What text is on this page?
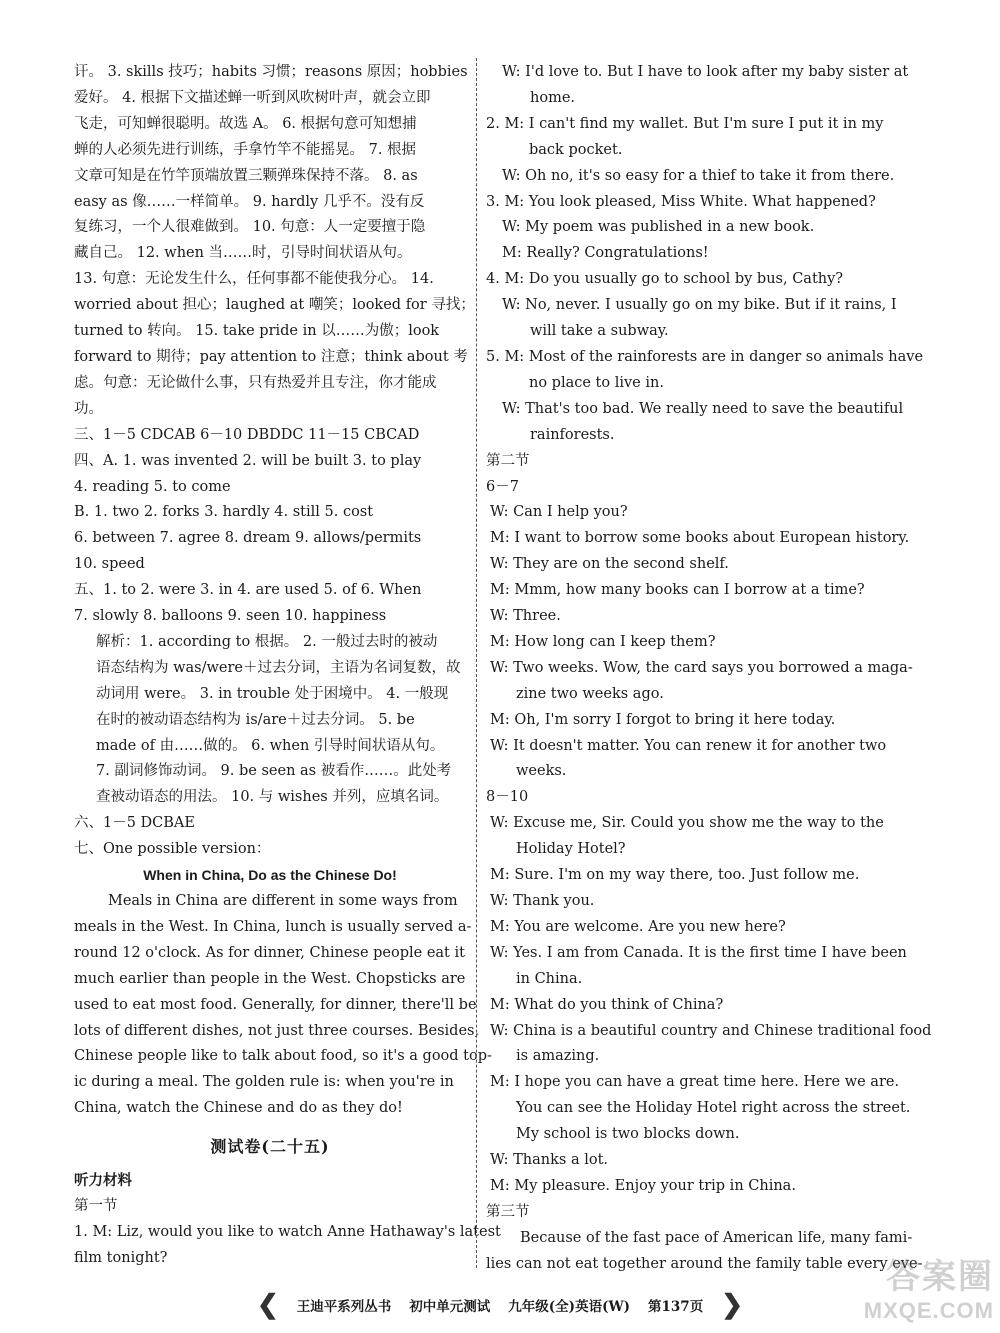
讦。 3. skills 技巧；habits 习惯；reasons 原因；hobbies
爱好。 4. 根据下文描述蝉一听到风吹树叶声，就会立即
飞走，可知蝉很聪明。故选 A。 6. 根据句意可知想捕
蝉的人必须先进行训练，手拿竹竿不能摇晃。 7. 根据
文章可知是在竹竿顶端放置三颗弹珠保持不落。 8. as
easy as 像……一样简单。 9. hardly 几乎不。没有反
复练习，一个人很难做到。 10. 句意：人一定要擅于隐
藏自己。 12. when 当……时，引导时间状语从句。
13. 句意：无论发生什么，任何事都不能使我分心。 14.
worried about 担心；laughed at 嘲笑；looked for 寻找；
turned to 转向。 15. take pride in 以……为傲；look
forward to 期待；pay attention to 注意；think about 考
虑。句意：无论做什么事，只有热爱并且专注，你才能成
功。
三、1－5 CDCAB 6－10 DBDDC 11－15 CBCAD
四、A. 1. was invented 2. will be built 3. to play
4. reading 5. to come
B. 1. two 2. forks 3. hardly 4. still 5. cost
6. between 7. agree 8. dream 9. allows/permits
10. speed
五、1. to 2. were 3. in 4. are used 5. of 6. When
7. slowly 8. balloons 9. seen 10. happiness
解析：1. according to 根据。 2. 一般过去时的被动
语态结构为 was/were＋过去分词，主语为名词复数，故
动词用 were。 3. in trouble 处于困境中。 4. 一般现
在时的被动语态结构为 is/are＋过去分词。 5. be
made of 由……做的。 6. when 引导时间状语从句。
7. 副词修饰动词。 9. be seen as 被看作……。此处考
查被动语态的用法。 10. 与 wishes 并列，应填名词。
六、1－5 DCBAE
七、One possible version：
When in China, Do as the Chinese Do!
Meals in China are different in some ways from
meals in the West. In China, lunch is usually served a-
round 12 o'clock. As for dinner, Chinese people eat it
much earlier than people in the West. Chopsticks are
used to eat most food. Generally, for dinner, there'll be
lots of different dishes, not just three courses. Besides,
Chinese people like to talk about food, so it's a good top-
ic during a meal. The golden rule is: when you're in
China, watch the Chinese and do as they do!
测试卷(二十五)
听力材料
第一节
1. M: Liz, would you like to watch Anne Hathaway's latest
film tonight?
W: I'd love to. But I have to look after my baby sister at
home.
2. M: I can't find my wallet. But I'm sure I put it in my
back pocket.
W: Oh no, it's so easy for a thief to take it from there.
3. M: You look pleased, Miss White. What happened?
W: My poem was published in a new book.
M: Really? Congratulations!
4. M: Do you usually go to school by bus, Cathy?
W: No, never. I usually go on my bike. But if it rains, I
will take a subway.
5. M: Most of the rainforests are in danger so animals have
no place to live in.
W: That's too bad. We really need to save the beautiful
rainforests.
第二节
6－7
W: Can I help you?
M: I want to borrow some books about European history.
W: They are on the second shelf.
M: Mmm, how many books can I borrow at a time?
W: Three.
M: How long can I keep them?
W: Two weeks. Wow, the card says you borrowed a maga-
zine two weeks ago.
M: Oh, I'm sorry I forgot to bring it here today.
W: It doesn't matter. You can renew it for another two
weeks.
8－10
W: Excuse me, Sir. Could you show me the way to the
Holiday Hotel?
M: Sure. I'm on my way there, too. Just follow me.
W: Thank you.
M: You are welcome. Are you new here?
W: Yes. I am from Canada. It is the first time I have been
in China.
M: What do you think of China?
W: China is a beautiful country and Chinese traditional food
is amazing.
M: I hope you can have a great time here. Here we are.
You can see the Holiday Hotel right across the street.
My school is two blocks down.
W: Thanks a lot.
M: My pleasure. Enjoy your trip in China.
第三节
Because of the fast pace of American life, many fami-
lies can not eat together around the family table every eve-
❮ 王迪平系列丛书 初中单元测试 九年级(全)英语(W) 第137页 ❯
答案圈
MXQE.COM
